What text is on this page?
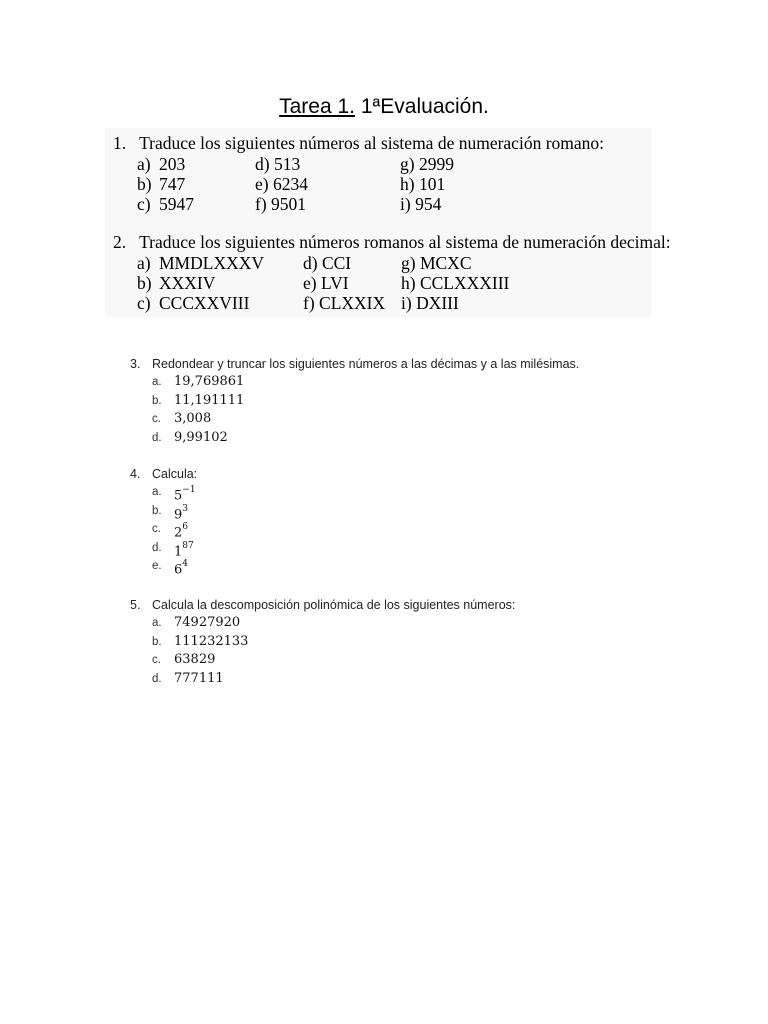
Tarea 1. 1ªEvaluación.
1. Traduce los siguientes números al sistema de numeración romano:
a) 203	d) 513	g) 2999
b) 747	e) 6234	h) 101
c) 5947	f) 9501	i) 954
2. Traduce los siguientes números romanos al sistema de numeración decimal:
a) MMDLXXXV d) CCI	g) MCXC
b) XXXIV	e) LVI	h) CCLXXXIII
c) CCCXXVIII	f) CLXXIX i) DXIII
3. Redondear y truncar los siguientes números a las décimas y a las milésimas.
a. 19,769861
b. 11,191111
c. 3,008
d. 9,99102
4. Calcula:
a. $5^{-1}$
b. $9^3$
c. $2^6$
d. $1^{87}$
e. $6^4$
5. Calcula la descomposición polinómica de los siguientes números:
a. 74927920
b. 111232133
c. 63829
d. 777111
